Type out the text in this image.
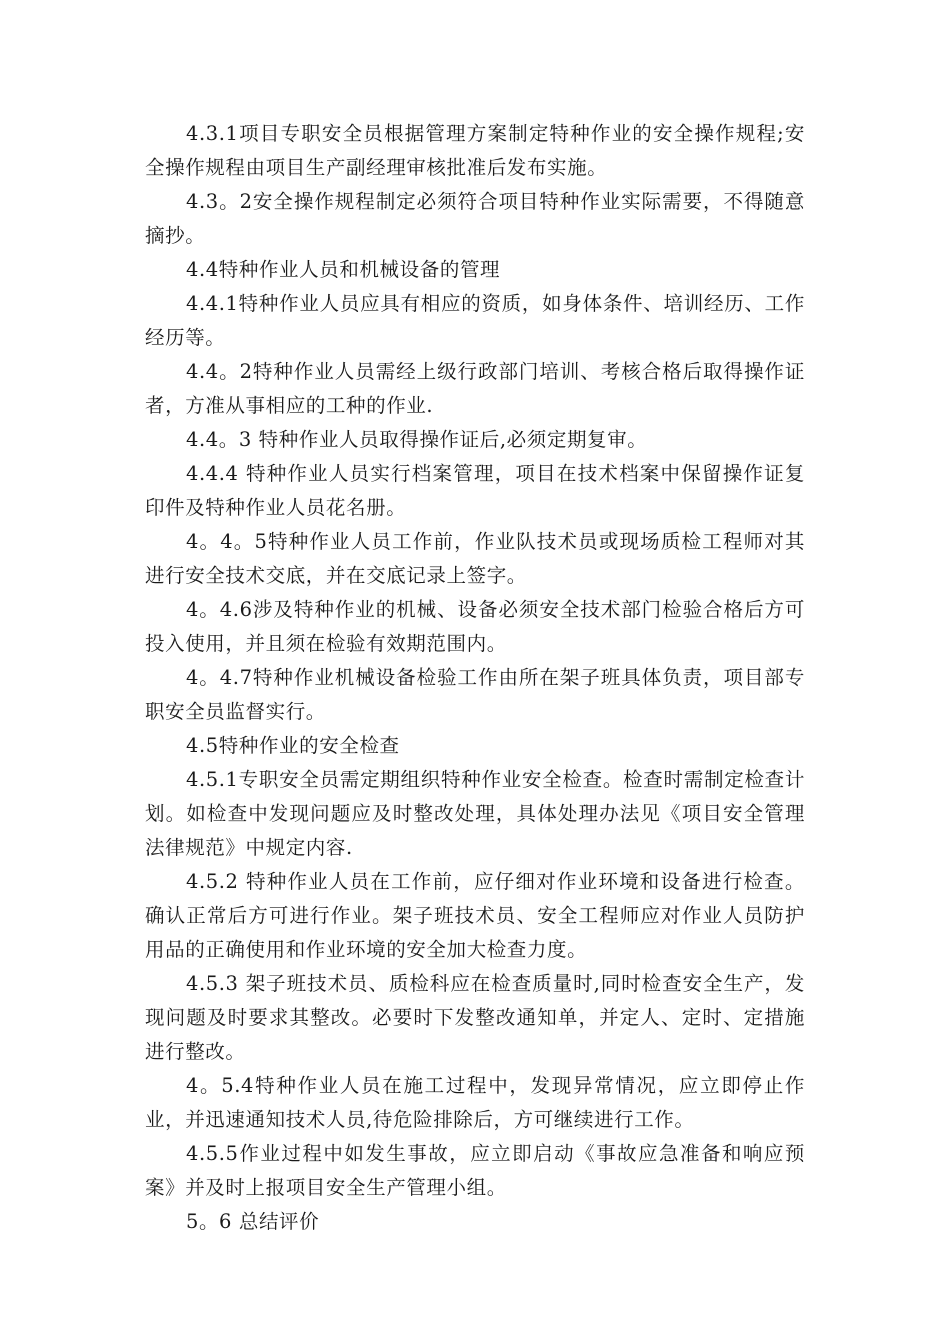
4.3.1项目专职安全员根据管理方案制定特种作业的安全操作规程;安全操作规程由项目生产副经理审核批准后发布实施。

4.3。2安全操作规程制定必须符合项目特种作业实际需要，不得随意摘抄。

4.4特种作业人员和机械设备的管理

4.4.1特种作业人员应具有相应的资质，如身体条件、培训经历、工作经历等。

4.4。2特种作业人员需经上级行政部门培训、考核合格后取得操作证者，方准从事相应的工种的作业.

4.4。3 特种作业人员取得操作证后,必须定期复审。

4.4.4 特种作业人员实行档案管理，项目在技术档案中保留操作证复印件及特种作业人员花名册。

4。4。5特种作业人员工作前，作业队技术员或现场质检工程师对其进行安全技术交底，并在交底记录上签字。

4。4.6涉及特种作业的机械、设备必须安全技术部门检验合格后方可投入使用，并且须在检验有效期范围内。

4。4.7特种作业机械设备检验工作由所在架子班具体负责，项目部专职安全员监督实行。

4.5特种作业的安全检查

4.5.1专职安全员需定期组织特种作业安全检查。检查时需制定检查计划。如检查中发现问题应及时整改处理，具体处理办法见《项目安全管理法律规范》中规定内容.

4.5.2 特种作业人员在工作前，应仔细对作业环境和设备进行检查。确认正常后方可进行作业。架子班技术员、安全工程师应对作业人员防护用品的正确使用和作业环境的安全加大检查力度。

4.5.3 架子班技术员、质检科应在检查质量时,同时检查安全生产，发现问题及时要求其整改。必要时下发整改通知单，并定人、定时、定措施进行整改。

4。5.4特种作业人员在施工过程中，发现异常情况，应立即停止作业，并迅速通知技术人员,待危险排除后，方可继续进行工作。

4.5.5作业过程中如发生事故，应立即启动《事故应急准备和响应预案》并及时上报项目安全生产管理小组。

5。6 总结评价
